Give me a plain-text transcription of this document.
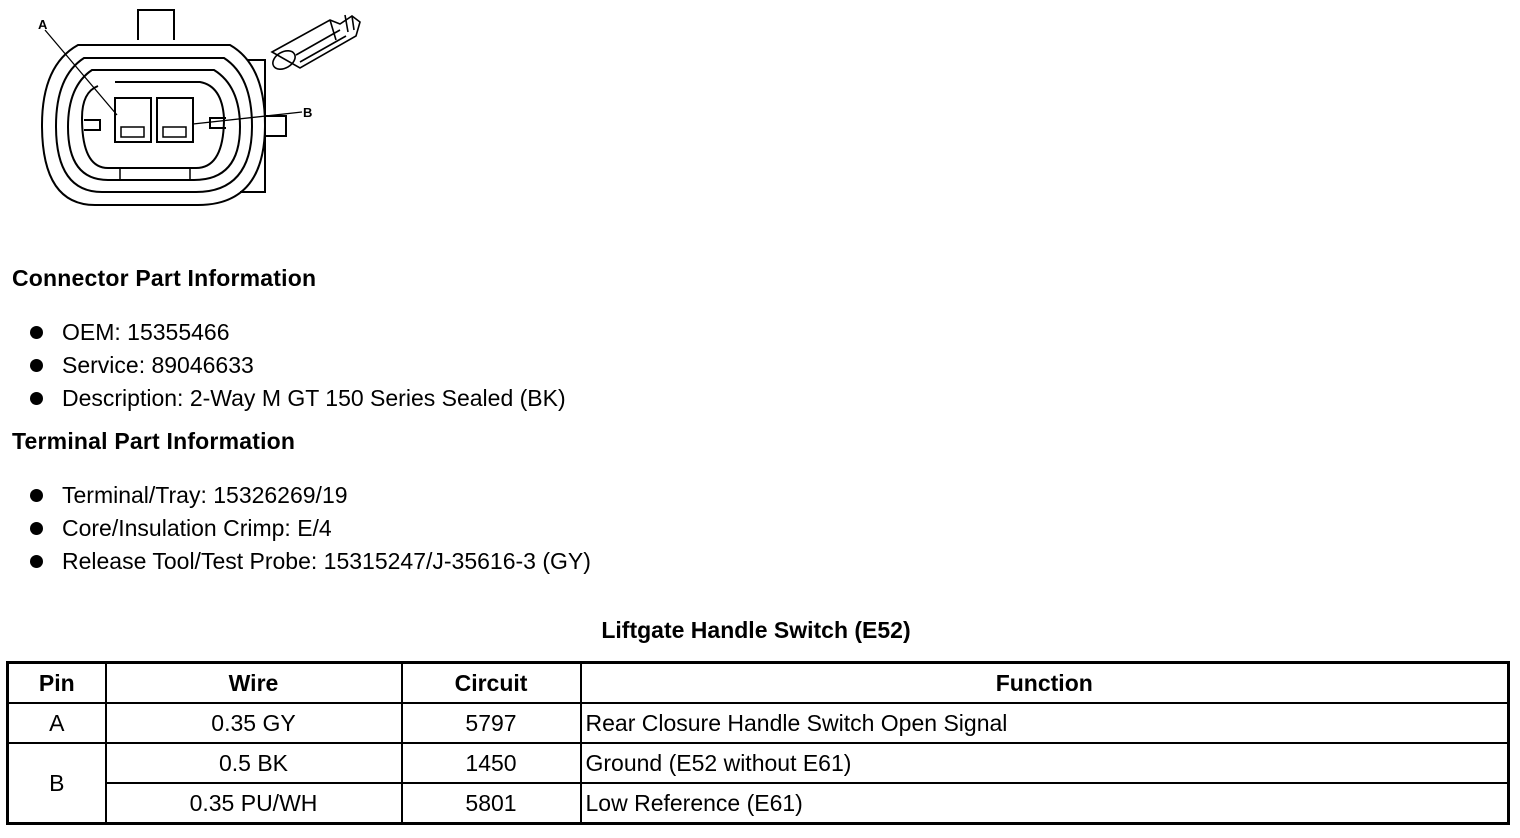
A
B
Connector Part Information
OEM: 15355466
Service: 89046633
Description: 2-Way M GT 150 Series Sealed (BK)
Terminal Part Information
Terminal/Tray: 15326269/19
Core/Insulation Crimp: E/4
Release Tool/Test Probe: 15315247/J-35616-3 (GY)
Liftgate Handle Switch (E52)
Pin	Wire	Circuit	Function
A	0.35 GY	5797	Rear Closure Handle Switch Open Signal
B	0.5 BK	1450	Ground (E52 without E61)
	0.35 PU/WH	5801	Low Reference (E61)
